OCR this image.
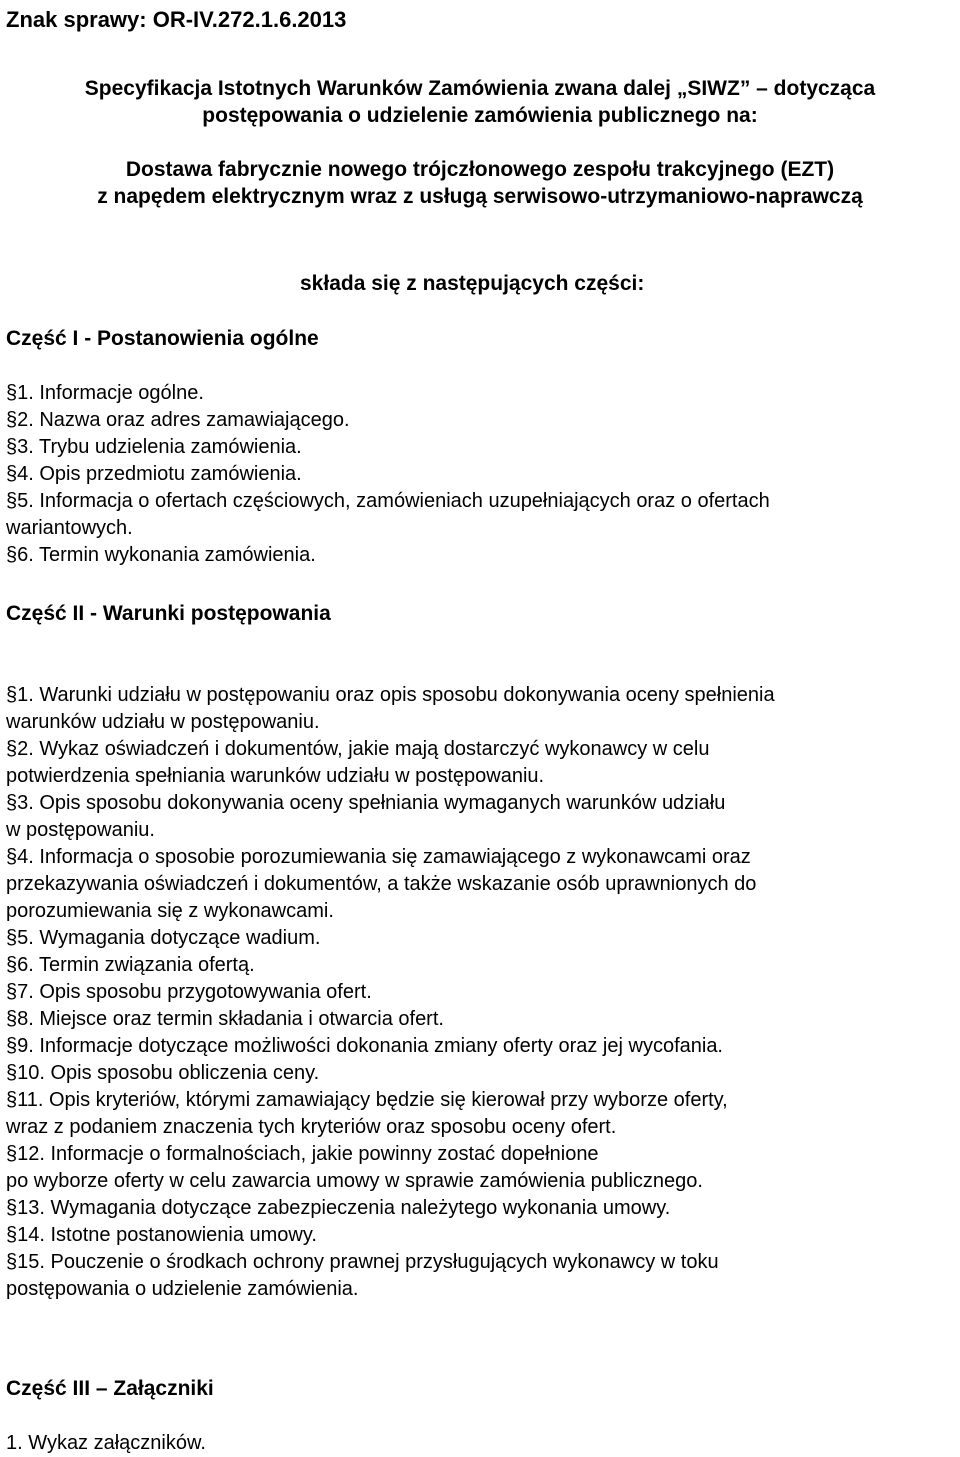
Znak sprawy: OR-IV.272.1.6.2013
Specyfikacja Istotnych Warunków Zamówienia zwana dalej „SIWZ” – dotycząca
postępowania o udzielenie zamówienia publicznego na:
Dostawa fabrycznie nowego trójczłonowego zespołu trakcyjnego (EZT)
z napędem elektrycznym wraz z usługą serwisowo-utrzymaniowo-naprawczą
składa się z następujących części:
Część I - Postanowienia ogólne
§1. Informacje ogólne.
§2. Nazwa oraz adres zamawiającego.
§3. Trybu udzielenia zamówienia.
§4. Opis przedmiotu zamówienia.
§5. Informacja o ofertach częściowych, zamówieniach uzupełniających oraz o ofertach
wariantowych.
§6. Termin wykonania zamówienia.
Część II - Warunki postępowania
§1. Warunki udziału w postępowaniu oraz opis sposobu dokonywania oceny spełnienia
warunków udziału w postępowaniu.
§2. Wykaz oświadczeń i dokumentów, jakie mają dostarczyć wykonawcy w celu
potwierdzenia spełniania warunków udziału w postępowaniu.
§3. Opis sposobu dokonywania oceny spełniania wymaganych warunków udziału
w postępowaniu.
§4. Informacja o sposobie porozumiewania się zamawiającego z wykonawcami oraz
przekazywania oświadczeń i dokumentów, a także wskazanie osób uprawnionych do
porozumiewania się z wykonawcami.
§5. Wymagania dotyczące wadium.
§6. Termin związania ofertą.
§7. Opis sposobu przygotowywania ofert.
§8. Miejsce oraz termin składania i otwarcia ofert.
§9. Informacje dotyczące możliwości dokonania zmiany oferty oraz jej wycofania.
§10. Opis sposobu obliczenia ceny.
§11. Opis kryteriów, którymi zamawiający będzie się kierował przy wyborze oferty,
wraz z podaniem znaczenia tych kryteriów oraz sposobu oceny ofert.
§12. Informacje o formalnościach, jakie powinny zostać dopełnione
po wyborze oferty w celu zawarcia umowy w sprawie zamówienia publicznego.
§13. Wymagania dotyczące zabezpieczenia należytego wykonania umowy.
§14. Istotne postanowienia umowy.
§15. Pouczenie o środkach ochrony prawnej przysługujących wykonawcy w toku
postępowania o udzielenie zamówienia.
Część III – Załączniki
1. Wykaz załączników.
